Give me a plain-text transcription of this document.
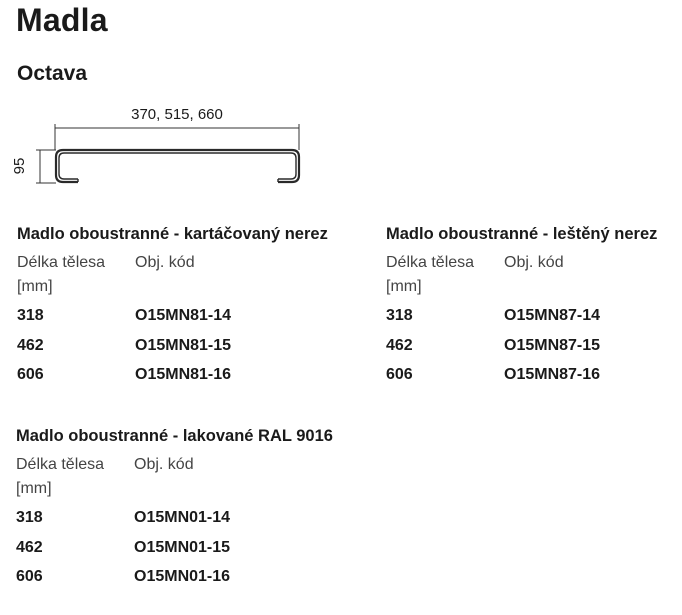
Madla
Octava
370, 515, 660
95
Madlo oboustranné - kartáčovaný nerez
Délka tělesa
[mm]
Obj. kód
318	O15MN81-14
462	O15MN81-15
606	O15MN81-16
Madlo oboustranné - leštěný nerez
Délka tělesa
[mm]
Obj. kód
318	O15MN87-14
462	O15MN87-15
606	O15MN87-16
Madlo oboustranné - lakované RAL 9016
Délka tělesa
[mm]
Obj. kód
318	O15MN01-14
462	O15MN01-15
606	O15MN01-16
